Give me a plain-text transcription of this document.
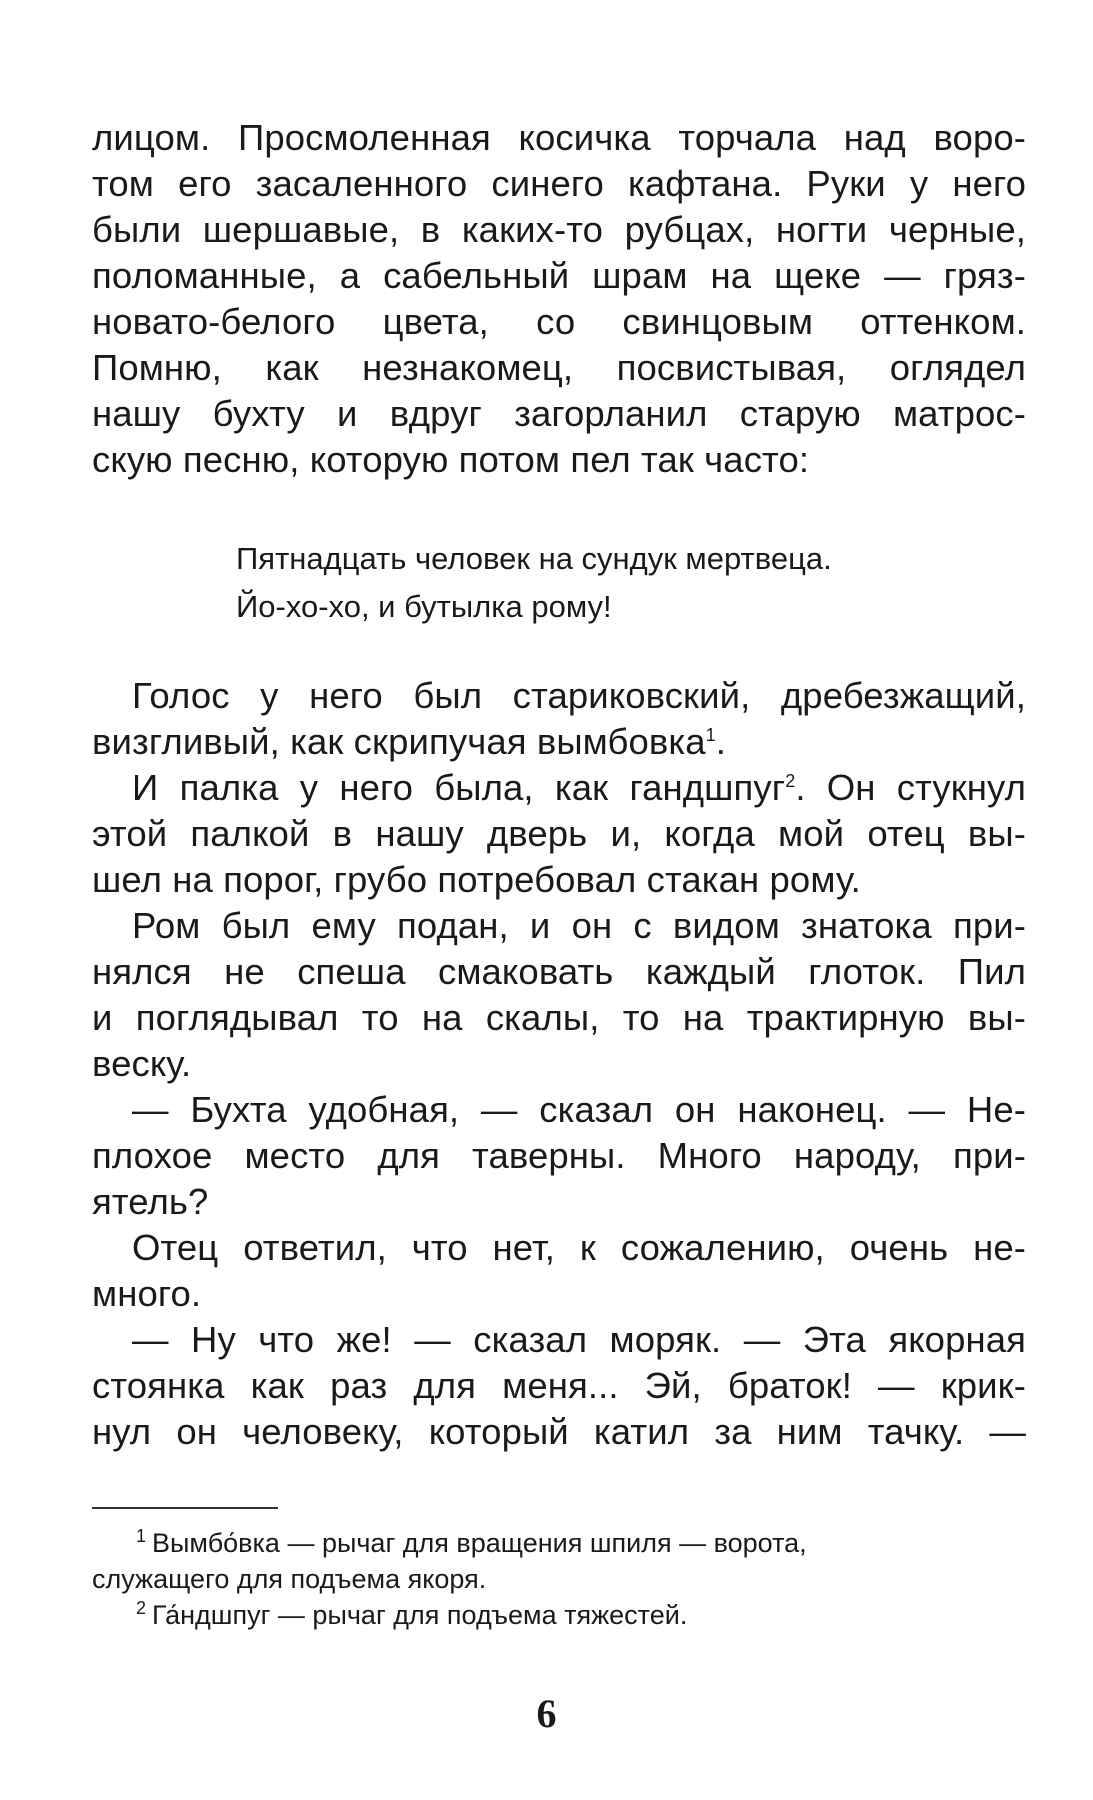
лицом. Просмоленная косичка торчала над воро-

том его засаленного синего кафтана. Руки у него

были шершавые, в каких-то рубцах, ногти черные,

поломанные, а сабельный шрам на щеке — гряз-

новато-белого цвета, со свинцовым оттенком.

Помню, как незнакомец, посвистывая, оглядел

нашу бухту и вдруг загорланил старую матрос-

скую песню, которую потом пел так часто:

Пятнадцать человек на сундук мертвеца.
Йо-хо-хо, и бутылка рому!

Голос у него был стариковский, дребезжащий,

визгливый, как скрипучая вымбовка$^1$.

И палка у него была, как гандшпуг$^2$. Он стукнул

этой палкой в нашу дверь и, когда мой отец вы-

шел на порог, грубо потребовал стакан рому.

Ром был ему подан, и он с видом знатока при-

нялся не спеша смаковать каждый глоток. Пил

и поглядывал то на скалы, то на трактирную вы-

веску.

— Бухта удобная, — сказал он наконец. — Не-

плохое место для таверны. Много народу, при-

ятель?

Отец ответил, что нет, к сожалению, очень не-

много.

— Ну что же! — сказал моряк. — Эта якорная

стоянка как раз для меня... Эй, браток! — крик-

нул он человеку, который катил за ним тачку. —

$^1$ Вымбо́вка — рычаг для вращения шпиля — ворота,

служащего для подъема якоря.

$^2$ Га́ндшпуг — рычаг для подъема тяжестей.

6
